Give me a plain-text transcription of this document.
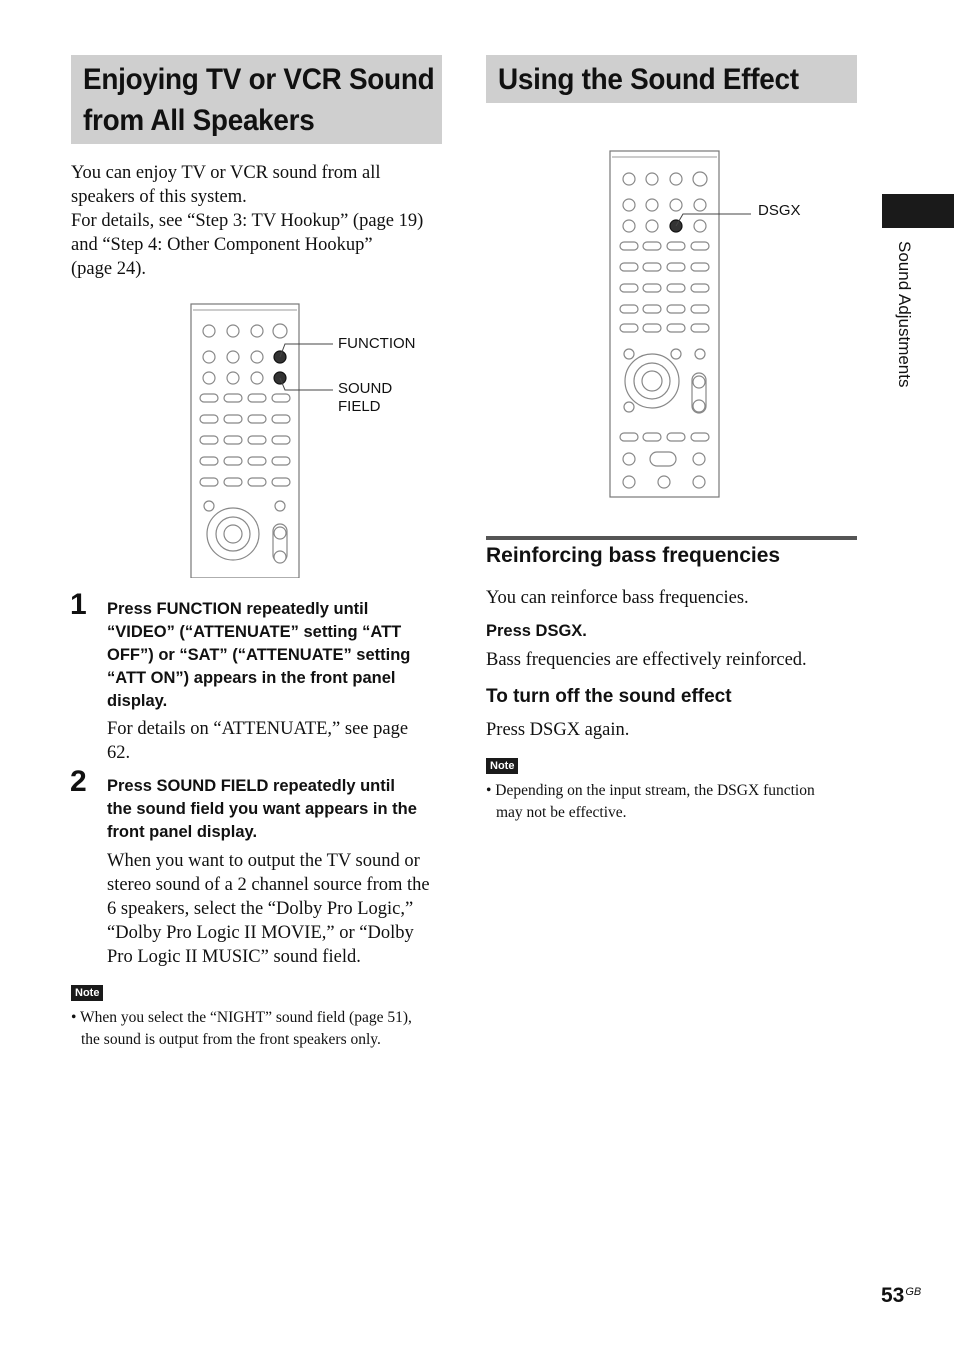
Enjoying TV or VCR Sound
from All Speakers
Using the Sound Effect

You can enjoy TV or VCR sound from all

speakers of this system.

For details, see “Step 3: TV Hookup” (page 19)

and “Step 4: Other Component Hookup”

(page 24).

FUNCTION
SOUND
FIELD
1 Press FUNCTION repeatedly until
“VIDEO” (“ATTENUATE” setting “ATT
OFF”) or “SAT” (“ATTENUATE” setting
“ATT ON”) appears in the front panel
display.

For details on “ATTENUATE,” see page

62.

2 Press SOUND FIELD repeatedly until
the sound field you want appears in the
front panel display.

When you want to output the TV sound or

stereo sound of a 2 channel source from the

6 speakers, select the “Dolby Pro Logic,”

“Dolby Pro Logic II MOVIE,” or “Dolby

Pro Logic II MUSIC” sound field.

Note
• When you select the “NIGHT” sound field (page 51),
the sound is output from the front speakers only.
DSGX
Reinforcing bass frequencies
You can reinforce bass frequencies.
Press DSGX.
Bass frequencies are effectively reinforced.
To turn off the sound effect
Press DSGX again.
Note
• Depending on the input stream, the DSGX function
may not be effective.
Sound Adjustments
$53^{GB}$
